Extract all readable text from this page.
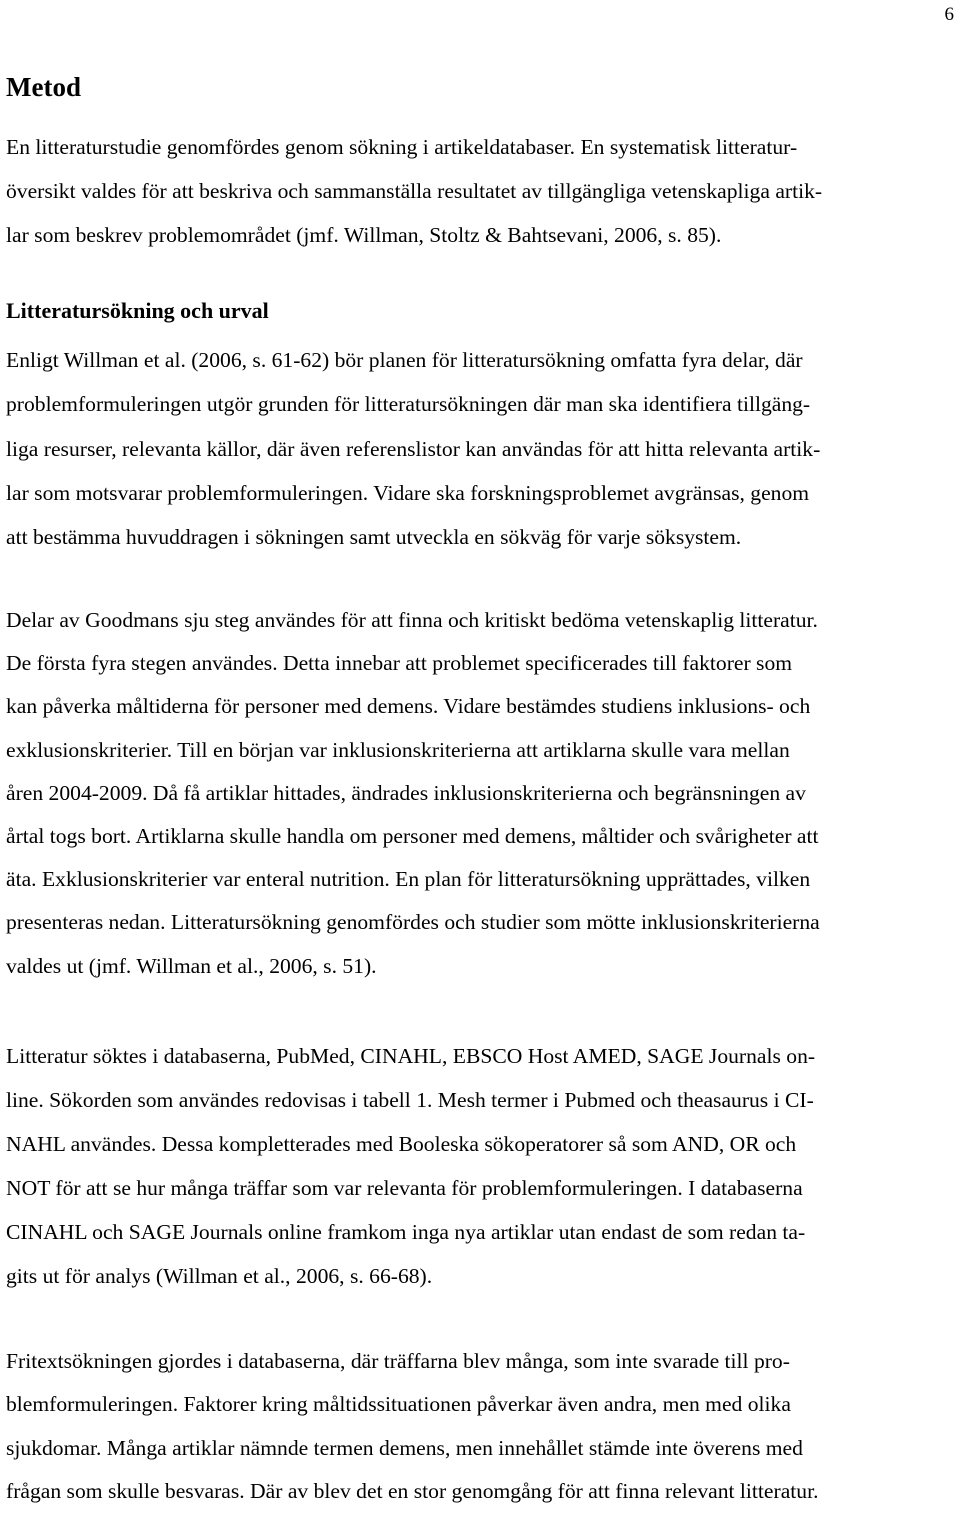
6
Metod

En litteraturstudie genomfördes genom sökning i artikeldatabaser. En systematisk litteratur-
översikt valdes för att beskriva och sammanställa resultatet av tillgängliga vetenskapliga artik-
lar som beskrev problemområdet (jmf. Willman, Stoltz & Bahtsevani, 2006, s. 85).

Litteratursökning och urval

Enligt Willman et al. (2006, s. 61-62) bör planen för litteratursökning omfatta fyra delar, där
problemformuleringen utgör grunden för litteratursökningen där man ska identifiera tillgäng-
liga resurser, relevanta källor, där även referenslistor kan användas för att hitta relevanta artik-
lar som motsvarar problemformuleringen. Vidare ska forskningsproblemet avgränsas, genom
att bestämma huvuddragen i sökningen samt utveckla en sökväg för varje söksystem.

Delar av Goodmans sju steg användes för att finna och kritiskt bedöma vetenskaplig litteratur.
De första fyra stegen användes. Detta innebar att problemet specificerades till faktorer som
kan påverka måltiderna för personer med demens. Vidare bestämdes studiens inklusions- och
exklusionskriterier. Till en början var inklusionskriterierna att artiklarna skulle vara mellan
åren 2004-2009. Då få artiklar hittades, ändrades inklusionskriterierna och begränsningen av
årtal togs bort. Artiklarna skulle handla om personer med demens, måltider och svårigheter att
äta. Exklusionskriterier var enteral nutrition. En plan för litteratursökning upprättades, vilken
presenteras nedan. Litteratursökning genomfördes och studier som mötte inklusionskriterierna
valdes ut (jmf. Willman et al., 2006, s. 51).

Litteratur söktes i databaserna, PubMed, CINAHL, EBSCO Host AMED, SAGE Journals on-
line. Sökorden som användes redovisas i tabell 1. Mesh termer i Pubmed och theasaurus i CI-
NAHL användes. Dessa kompletterades med Booleska sökoperatorer så som AND, OR och
NOT för att se hur många träffar som var relevanta för problemformuleringen. I databaserna
CINAHL och SAGE Journals online framkom inga nya artiklar utan endast de som redan ta-
gits ut för analys (Willman et al., 2006, s. 66-68).

Fritextsökningen gjordes i databaserna, där träffarna blev många, som inte svarade till pro-
blemformuleringen. Faktorer kring måltidssituationen påverkar även andra, men med olika
sjukdomar. Många artiklar nämnde termen demens, men innehållet stämde inte överens med
frågan som skulle besvaras. Där av blev det en stor genomgång för att finna relevant litteratur.
